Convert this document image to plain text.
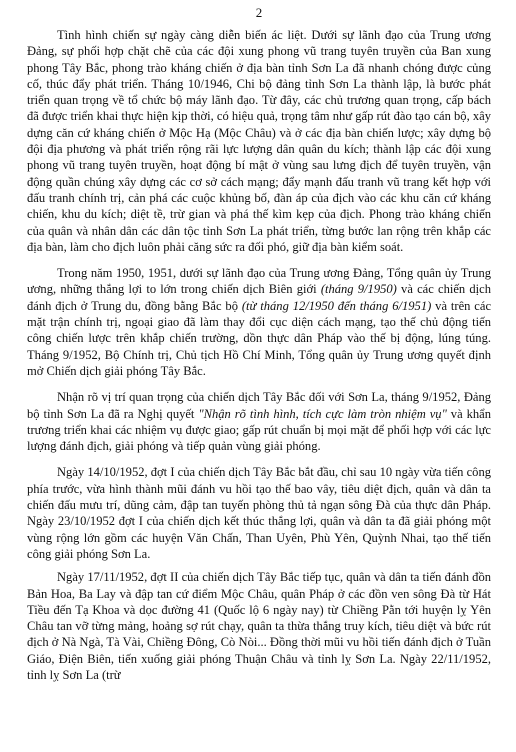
2

Tình hình chiến sự ngày càng diễn biến ác liệt. Dưới sự lãnh đạo của Trung ương Đảng, sự phối hợp chặt chẽ của các đội xung phong vũ trang tuyên truyền của Ban xung phong Tây Bắc, phong trào kháng chiến ở địa bàn tỉnh Sơn La đã nhanh chóng được củng cố, thúc đẩy phát triển. Tháng 10/1946, Chi bộ đảng tỉnh Sơn La thành lập, là bước phát triển quan trọng về tổ chức bộ máy lãnh đạo. Từ đây, các chủ trương quan trọng, cấp bách đã được triển khai thực hiện kịp thời, có hiệu quả, trọng tâm như gấp rút đào tạo cán bộ, xây dựng căn cứ kháng chiến ở Mộc Hạ (Mộc Châu) và ở các địa bàn chiến lược; xây dựng bộ đội địa phương và phát triển rộng rãi lực lượng dân quân du kích; thành lập các đội xung phong vũ trang tuyên truyền, hoạt động bí mật ở vùng sau lưng địch để tuyên truyền, vận động quần chúng xây dựng các cơ sở cách mạng; đẩy mạnh đấu tranh vũ trang kết hợp với đấu tranh chính trị, cản phá các cuộc khủng bố, đàn áp của địch vào các khu căn cứ kháng chiến, khu du kích; diệt tề, trừ gian và phá thế kìm kẹp của địch. Phong trào kháng chiến của quân và nhân dân các dân tộc tỉnh Sơn La phát triển, từng bước lan rộng trên khắp các địa bàn, làm cho địch luôn phải căng sức ra đối phó, giữ địa bàn kiểm soát.

Trong năm 1950, 1951, dưới sự lãnh đạo của Trung ương Đảng, Tổng quân ủy Trung ương, những thắng lợi to lớn trong chiến dịch Biên giới (tháng 9/1950) và các chiến dịch đánh địch ở Trung du, đồng bằng Bắc bộ (từ tháng 12/1950 đến tháng 6/1951) và trên các mặt trận chính trị, ngoại giao đã làm thay đổi cục diện cách mạng, tạo thế chủ động tiến công chiến lược trên khắp chiến trường, dồn thực dân Pháp vào thế bị động, lúng túng. Tháng 9/1952, Bộ Chính trị, Chủ tịch Hồ Chí Minh, Tổng quân ủy Trung ương quyết định mở Chiến dịch giải phóng Tây Bắc.

Nhận rõ vị trí quan trọng của chiến dịch Tây Bắc đối với Sơn La, tháng 9/1952, Đảng bộ tỉnh Sơn La đã ra Nghị quyết "Nhận rõ tình hình, tích cực làm tròn nhiệm vụ" và khẩn trương triển khai các nhiệm vụ được giao; gấp rút chuẩn bị mọi mặt để phối hợp với các lực lượng đánh địch, giải phóng và tiếp quản vùng giải phóng.

Ngày 14/10/1952, đợt I của chiến dịch Tây Bắc bắt đầu, chỉ sau 10 ngày vừa tiến công phía trước, vừa hình thành mũi đánh vu hồi tạo thế bao vây, tiêu diệt địch, quân và dân ta chiến đấu mưu trí, dũng cảm, đập tan tuyến phòng thủ tả ngạn sông Đà của thực dân Pháp. Ngày 23/10/1952 đợt I của chiến dịch kết thúc thắng lợi, quân và dân ta đã giải phóng một vùng rộng lớn gồm các huyện Văn Chấn, Than Uyên, Phù Yên, Quỳnh Nhai, tạo thế tiến công giải phóng Sơn La.

Ngày 17/11/1952, đợt II của chiến dịch Tây Bắc tiếp tục, quân và dân ta tiến đánh đồn Bản Hoa, Ba Lay và đập tan cứ điểm Mộc Châu, quân Pháp ở các đồn ven sông Đà từ Hát Tiều đến Tạ Khoa và dọc đường 41 (Quốc lộ 6 ngày nay) từ Chiềng Pằn tới huyện lỵ Yên Châu tan vỡ từng mảng, hoảng sợ rút chạy, quân ta thừa thắng truy kích, tiêu diệt và bức rút địch ở Nà Ngà, Tà Vài, Chiềng Đông, Cò Nòi... Đồng thời mũi vu hồi tiến đánh địch ở Tuần Giáo, Điện Biên, tiến xuống giải phóng Thuận Châu và tỉnh lỵ Sơn La. Ngày 22/11/1952, tỉnh lỵ Sơn La (trừ
